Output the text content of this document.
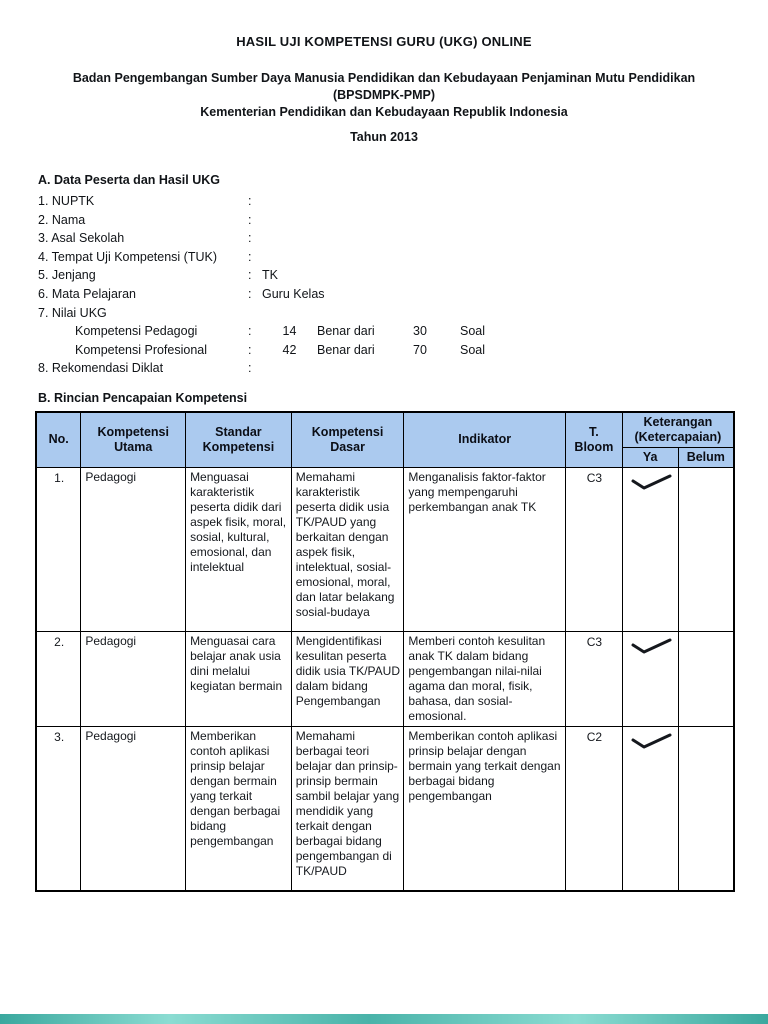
HASIL UJI KOMPETENSI GURU (UKG) ONLINE

Badan Pengembangan Sumber Daya Manusia Pendidikan dan Kebudayaan Penjaminan Mutu Pendidikan

(BPSDMPK-PMP)

Kementerian Pendidikan dan Kebudayaan Republik Indonesia

Tahun 2013

A. Data Peserta dan Hasil UKG

1. NUPTK	:
2. Nama	:
3. Asal Sekolah	:
4. Tempat Uji Kompetensi (TUK)	:
5. Jenjang	: TK
6. Mata Pelajaran	: Guru Kelas
7. Nilai UKG
Kompetensi Pedagogi	:	14 Benar dari	30	Soal
Kompetensi Profesional	:	42 Benar dari	70	Soal
8. Rekomendasi Diklat	:

B. Rincian Pencapaian Kompetensi

No.	Kompetensi Utama	Standar Kompetensi	Kompetensi Dasar	Indikator	T. Bloom	Keterangan (Ketercapaian)	
						Ya	Belum
1.	Pedagogi	Menguasai karakteristik peserta didik dari aspek fisik, moral, sosial, kultural, emosional, dan intelektual	Memahami karakteristik peserta didik usia TK/PAUD yang berkaitan dengan aspek fisik, intelektual, sosial-emosional, moral, dan latar belakang sosial-budaya	Menganalisis faktor-faktor yang mempengaruhi perkembangan anak TK	C3	

2.	Pedagogi	Menguasai cara belajar anak usia dini melalui kegiatan bermain	Mengidentifikasi kesulitan peserta didik usia TK/PAUD dalam bidang Pengembangan	Memberi contoh kesulitan anak TK dalam bidang pengembangan nilai-nilai agama dan moral, fisik, bahasa, dan sosial-emosional.	C3	

3.	Pedagogi	Memberikan contoh aplikasi prinsip belajar dengan bermain yang terkait dengan berbagai bidang pengembangan	Memahami berbagai teori belajar dan prinsip-prinsip bermain sambil belajar yang mendidik yang terkait dengan berbagai bidang pengembangan di TK/PAUD	Memberikan contoh aplikasi prinsip belajar dengan bermain yang terkait dengan berbagai bidang pengembangan	C2	
